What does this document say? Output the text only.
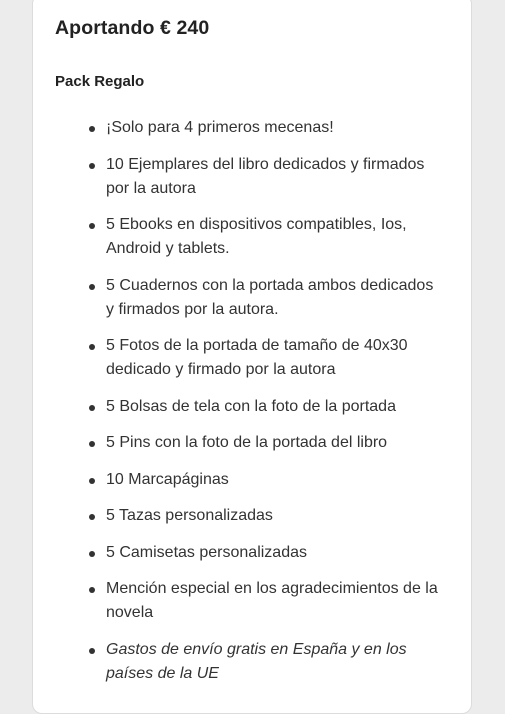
Aportando € 240
Pack Regalo
¡Solo para 4 primeros mecenas!
10 Ejemplares del libro dedicados y firmados por la autora
5 Ebooks en dispositivos compatibles, Ios, Android y tablets.
5 Cuadernos con la portada ambos dedicados y firmados por la autora.
5 Fotos de la portada de tamaño de 40x30 dedicado y firmado por la autora
5 Bolsas de tela con la foto de la portada
5 Pins con la foto de la portada del libro
10 Marcapáginas
5 Tazas personalizadas
5 Camisetas personalizadas
Mención especial en los agradecimientos de la novela
Gastos de envío gratis en España y en los países de la UE
